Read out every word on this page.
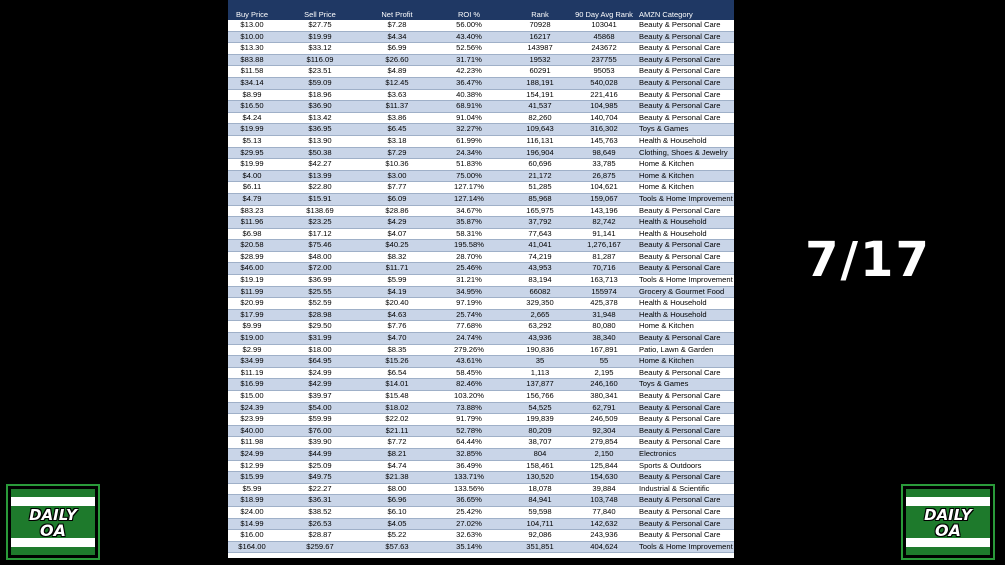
Buy Price	Sell Price	Net Profit	ROI %	Rank	90 Day Avg Rank	AMZN Category
$13.00	$27.75	$7.28	56.00%	70928	103041	Beauty & Personal Care
$10.00	$19.99	$4.34	43.40%	16217	45868	Beauty & Personal Care
$13.30	$33.12	$6.99	52.56%	143987	243672	Beauty & Personal Care
$83.88	$116.09	$26.60	31.71%	19532	237755	Beauty & Personal Care
$11.58	$23.51	$4.89	42.23%	60291	95053	Beauty & Personal Care
$34.14	$59.09	$12.45	36.47%	188,191	540,028	Beauty & Personal Care
$8.99	$18.96	$3.63	40.38%	154,191	221,416	Beauty & Personal Care
$16.50	$36.90	$11.37	68.91%	41,537	104,985	Beauty & Personal Care
$4.24	$13.42	$3.86	91.04%	82,260	140,704	Beauty & Personal Care
$19.99	$36.95	$6.45	32.27%	109,643	316,302	Toys & Games
$5.13	$13.90	$3.18	61.99%	116,131	145,763	Health & Household
$29.95	$50.38	$7.29	24.34%	196,904	98,649	Clothing, Shoes & Jewelry
$19.99	$42.27	$10.36	51.83%	60,696	33,785	Home & Kitchen
$4.00	$13.99	$3.00	75.00%	21,172	26,875	Home & Kitchen
$6.11	$22.80	$7.77	127.17%	51,285	104,621	Home & Kitchen
$4.79	$15.91	$6.09	127.14%	85,968	159,067	Tools & Home Improvement
$83.23	$138.69	$28.86	34.67%	165,975	143,196	Beauty & Personal Care
$11.96	$23.25	$4.29	35.87%	37,792	82,742	Health & Household
$6.98	$17.12	$4.07	58.31%	77,643	91,141	Health & Household
$20.58	$75.46	$40.25	195.58%	41,041	1,276,167	Beauty & Personal Care
$28.99	$48.00	$8.32	28.70%	74,219	81,287	Beauty & Personal Care
$46.00	$72.00	$11.71	25.46%	43,953	70,716	Beauty & Personal Care
$19.19	$36.99	$5.99	31.21%	83,194	163,713	Tools & Home Improvement
$11.99	$25.55	$4.19	34.95%	66082	155974	Grocery & Gourmet Food
$20.99	$52.59	$20.40	97.19%	329,350	425,378	Health & Household
$17.99	$28.98	$4.63	25.74%	2,665	31,948	Health & Household
$9.99	$29.50	$7.76	77.68%	63,292	80,080	Home & Kitchen
$19.00	$31.99	$4.70	24.74%	43,936	38,340	Beauty & Personal Care
$2.99	$18.00	$8.35	279.26%	190,836	167,891	Patio, Lawn & Garden
$34.99	$64.95	$15.26	43.61%	35	55	Home & Kitchen
$11.19	$24.99	$6.54	58.45%	1,113	2,195	Beauty & Personal Care
$16.99	$42.99	$14.01	82.46%	137,877	246,160	Toys & Games
$15.00	$39.97	$15.48	103.20%	156,766	380,341	Beauty & Personal Care
$24.39	$54.00	$18.02	73.88%	54,525	62,791	Beauty & Personal Care
$23.99	$59.99	$22.02	91.79%	199,839	246,509	Beauty & Personal Care
$40.00	$76.00	$21.11	52.78%	80,209	92,304	Beauty & Personal Care
$11.98	$39.90	$7.72	64.44%	38,707	279,854	Beauty & Personal Care
$24.99	$44.99	$8.21	32.85%	804	2,150	Electronics
$12.99	$25.09	$4.74	36.49%	158,461	125,844	Sports & Outdoors
$15.99	$49.75	$21.38	133.71%	130,520	154,630	Beauty & Personal Care
$5.99	$22.27	$8.00	133.56%	18,078	39,884	Industrial & Scientific
$18.99	$36.31	$6.96	36.65%	84,941	103,748	Beauty & Personal Care
$24.00	$38.52	$6.10	25.42%	59,598	77,840	Beauty & Personal Care
$14.99	$26.53	$4.05	27.02%	104,711	142,632	Beauty & Personal Care
$16.00	$28.87	$5.22	32.63%	92,086	243,936	Beauty & Personal Care
$164.00	$259.67	$57.63	35.14%	351,851	404,624	Tools & Home Improvement
7/17
DAILY
OA
DAILY
OA
